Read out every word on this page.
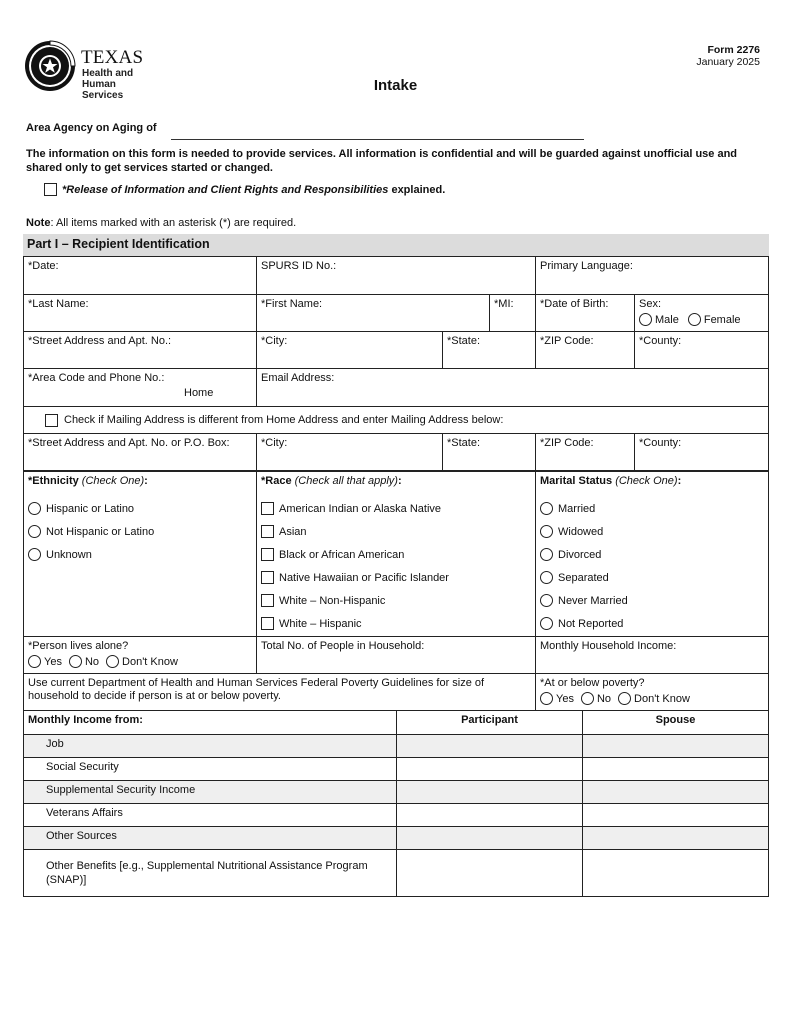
TEXAS
Health and Human
Services
Form 2276
January 2025
Intake
Area Agency on Aging of
The information on this form is needed to provide services. All information is confidential and will be guarded against unofficial use and shared only to get services started or changed.
*Release of Information and Client Rights and Responsibilities explained.
Note: All items marked with an asterisk (*) are required.
Part I – Recipient Identification
*Date:	SPURS ID No.:	Primary Language:
*Last Name:	*First Name:	*MI:	*Date of Birth:	Sex:
Male Female
*Street Address and Apt. No.:	*City:	*State:	*ZIP Code:	*County:
*Area Code and Phone No.:
Home
Email Address:
Check if Mailing Address is different from Home Address and enter Mailing Address below:
*Street Address and Apt. No. or P.O. Box:	*City:	*State:	*ZIP Code:	*County:
*Ethnicity (Check One):
Hispanic or Latino
Not Hispanic or Latino
Unknown
*Race (Check all that apply):
American Indian or Alaska Native
Asian
Black or African American
Native Hawaiian or Pacific Islander
White – Non-Hispanic
White – Hispanic
Marital Status (Check One):
Married
Widowed
Divorced
Separated
Never Married
Not Reported
*Person lives alone?
Yes No Don't Know
Total No. of People in Household:	Monthly Household Income:
Use current Department of Health and Human Services Federal Poverty Guidelines for size of household to decide if person is at or below poverty.
*At or below poverty?
Yes No Don't Know
Monthly Income from:	Participant	Spouse
Job
Social Security
Supplemental Security Income
Veterans Affairs
Other Sources
Other Benefits [e.g., Supplemental Nutritional Assistance Program (SNAP)]
